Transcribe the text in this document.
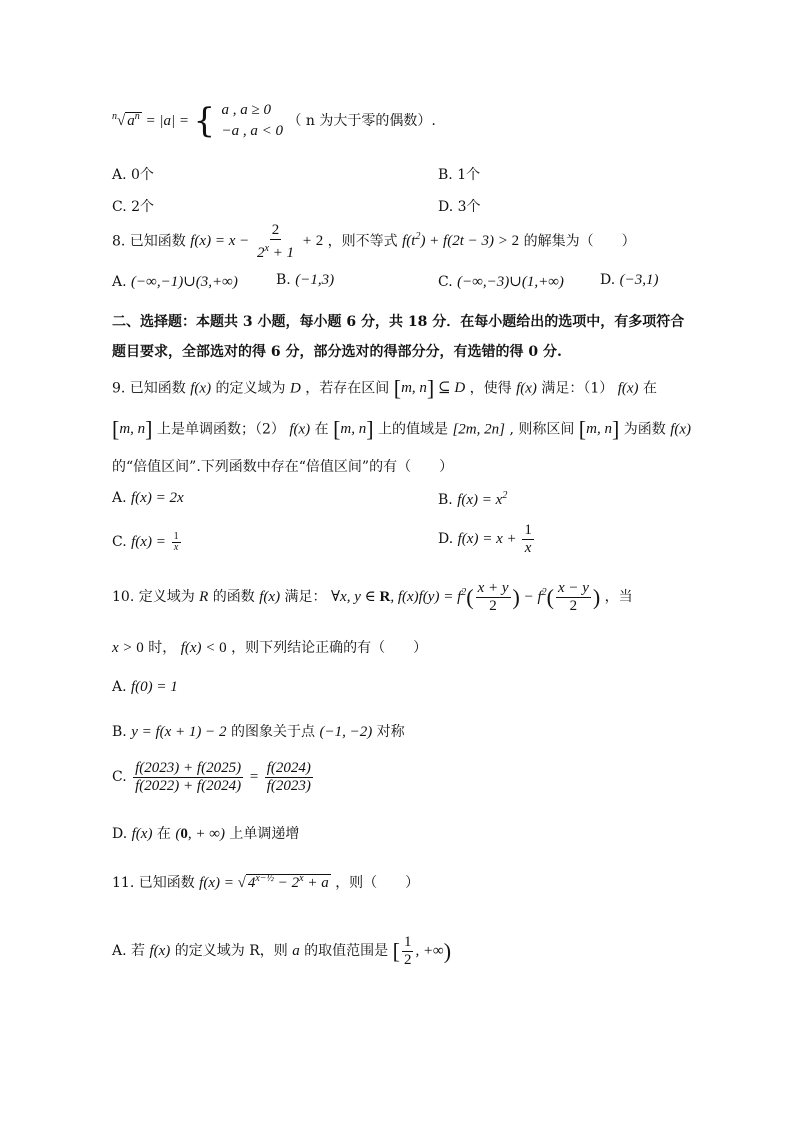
$^n$√ $a^n = |a|$ = { a , a ≥ 0
−a , a < 0
（ n 为大于零的偶数）.
A. 0个	B. 1个
C. 2个	D. 3个
8. 已知函数 $f(x) = x - \frac{2}{2^x + 1} + 2$ ，则不等式 $f(t^2) + f(2t - 3) > 2$ 的解集为（　　）
A. (−∞,−1)∪(3,+∞)	B. (−1,3)	C. (−∞,−3)∪(1,+∞)	D. (−3,1)
二、选择题：本题共 3 小题，每小题 6 分，共 18 分．在每小题给出的选项中，有多项符合
题目要求，全部选对的得 6 分，部分选对的得部分分，有选错的得 0 分.
9. 已知函数 f(x) 的定义域为 D ，若存在区间 [m, n] ⊆ D ，使得 f(x) 满足：（1） f(x) 在
[m, n] 上是单调函数；（2） f(x) 在 [m, n] 上的值域是 [2m, 2n] , 则称区间 [m, n] 为函数 f(x)
的“倍值区间”.下列函数中存在“倍值区间”的有（　　）
A. f(x) = 2x	B. $f(x) = x^2$
C. $f(x) = \frac{1}{x}$	D. $f(x) = x + \frac{1}{x}$
10. 定义域为 R 的函数 f(x) 满足： ∀x, y ∈ R, $f(x)f(y) = f^2( \frac{x + y}{2}$ ) − $f^2( \frac{x - y}{2}$ ) ，当
x > 0 时， f(x) < 0 ，则下列结论正确的有（　　）
A. f(0) = 1
B. y = f(x + 1) − 2 的图象关于点 (−1, −2) 对称
C. $\frac{f(2023) + f(2025)}{f(2022) + f(2024)} = \frac{f(2024)}{f(2023)}$
D. f(x) 在 (0, + ∞) 上单调递增
11. 已知函数 f(x) = √ $4^{x-\frac{1}{2}} - 2^x + a$ ，则（　　）
A. 若 f(x) 的定义域为 R，则 a 的取值范围是 [ $\frac{1}{2}$ , +∞)
